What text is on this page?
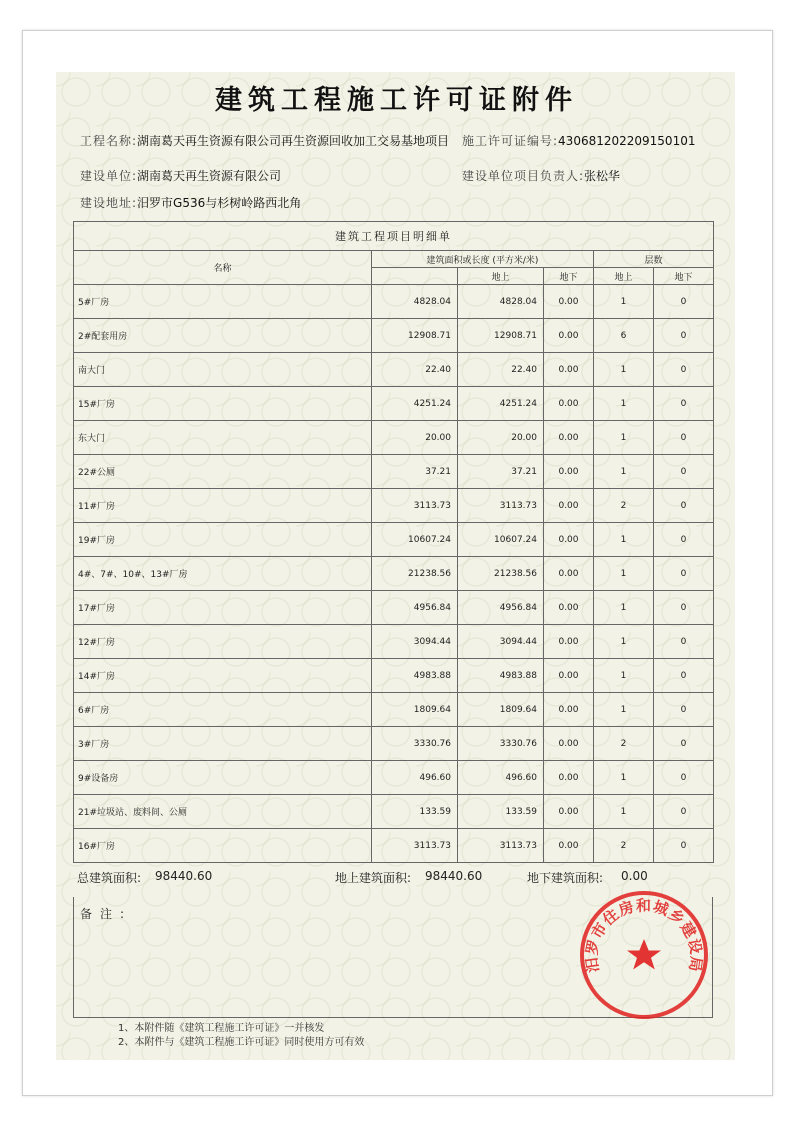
建筑工程施工许可证附件
工程名称:湖南葛天再生资源有限公司再生资源回收加工交易基地项目 施工许可证编号:430681202209150101
建设单位:湖南葛天再生资源有限公司	建设单位项目负责人:张松华
建设地址:汨罗市G536与杉树岭路西北角
建筑工程项目明细单					
名称	建筑面积或长度 (平方米/米)			层数	
		地上	地下	地上	地下
5#厂房	4828.04	4828.04	0.00	1	0
2#配套用房	12908.71	12908.71	0.00	6	0
南大门	22.40	22.40	0.00	1	0
15#厂房	4251.24	4251.24	0.00	1	0
东大门	20.00	20.00	0.00	1	0
22#公厕	37.21	37.21	0.00	1	0
11#厂房	3113.73	3113.73	0.00	2	0
19#厂房	10607.24	10607.24	0.00	1	0
4#、7#、10#、13#厂房	21238.56	21238.56	0.00	1	0
17#厂房	4956.84	4956.84	0.00	1	0
12#厂房	3094.44	3094.44	0.00	1	0
14#厂房	4983.88	4983.88	0.00	1	0
6#厂房	1809.64	1809.64	0.00	1	0
3#厂房	3330.76	3330.76	0.00	2	0
9#设备房	496.60	496.60	0.00	1	0
21#垃圾站、废料间、公厕	133.59	133.59	0.00	1	0
16#厂房	3113.73	3113.73	0.00	2	0
总建筑面积: 98440.60	地上建筑面积: 98440.60	地下建筑面积: 0.00
备注:
汨罗市住房和城乡建设局
1、本附件随《建筑工程施工许可证》一并核发
2、本附件与《建筑工程施工许可证》同时使用方可有效
